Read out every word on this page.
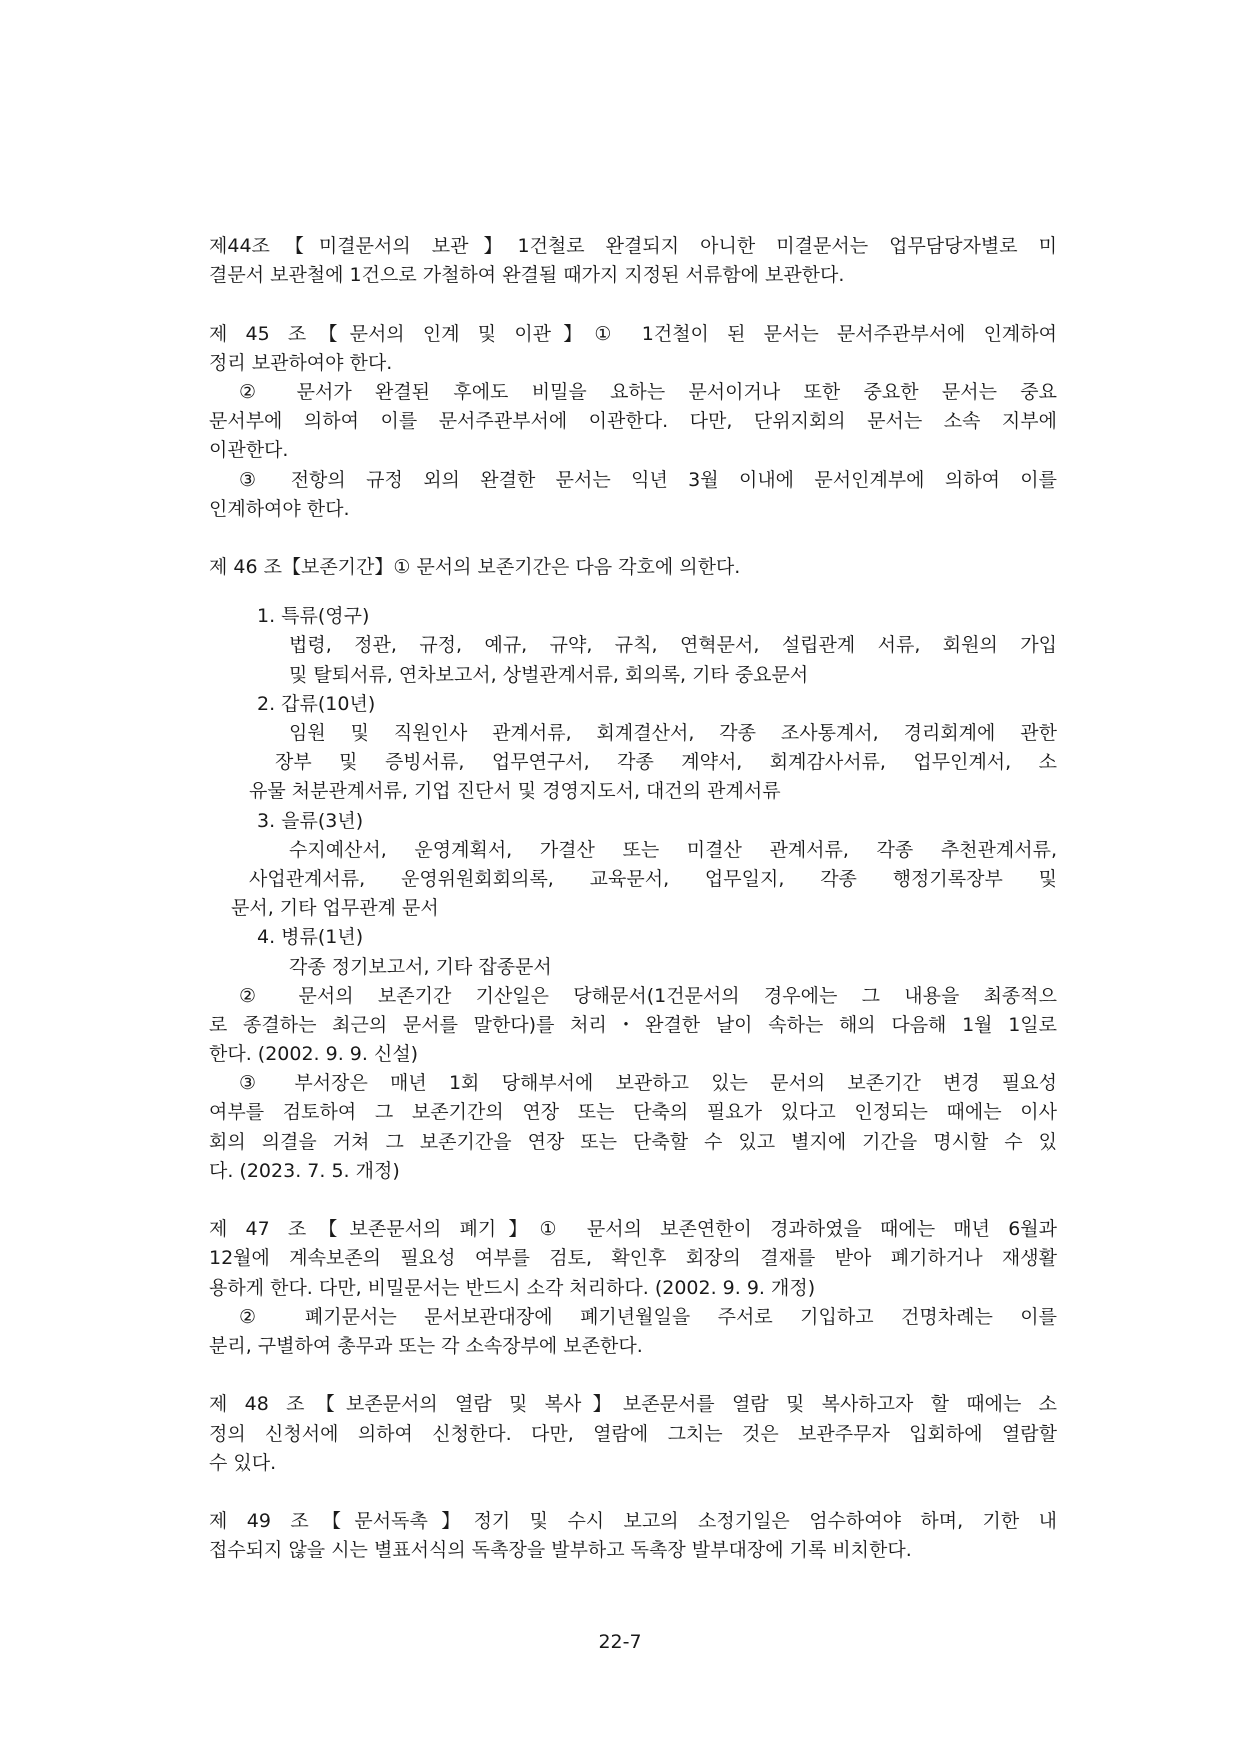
제44조【미결문서의 보관】1건철로 완결되지 아니한 미결문서는 업무담당자별로 미
결문서 보관철에 1건으로 가철하여 완결될 때가지 지정된 서류함에 보관한다.
제 45 조【문서의 인계 및 이관】① 1건철이 된 문서는 문서주관부서에 인계하여
정리 보관하여야 한다.
② 문서가 완결된 후에도 비밀을 요하는 문서이거나 또한 중요한 문서는 중요
문서부에 의하여 이를 문서주관부서에 이관한다. 다만, 단위지회의 문서는 소속 지부에
이관한다.
③ 전항의 규정 외의 완결한 문서는 익년 3월 이내에 문서인계부에 의하여 이를
인계하여야 한다.
제 46 조【보존기간】① 문서의 보존기간은 다음 각호에 의한다.
1. 특류(영구)
법령, 정관, 규정, 예규, 규약, 규칙, 연혁문서, 설립관계 서류, 회원의 가입
및 탈퇴서류, 연차보고서, 상벌관계서류, 회의록, 기타 중요문서
2. 갑류(10년)
임원 및 직원인사 관계서류, 회계결산서, 각종 조사통계서, 경리회계에 관한
장부 및 증빙서류, 업무연구서, 각종 계약서, 회계감사서류, 업무인계서, 소
유물 처분관계서류, 기업 진단서 및 경영지도서, 대건의 관계서류
3. 을류(3년)
수지예산서, 운영계획서, 가결산 또는 미결산 관계서류, 각종 추천관계서류,
사업관계서류, 운영위원회회의록, 교육문서, 업무일지, 각종 행정기록장부 및
문서, 기타 업무관계 문서
4. 병류(1년)
각종 정기보고서, 기타 잡종문서
② 문서의 보존기간 기산일은 당해문서(1건문서의 경우에는 그 내용을 최종적으
로 종결하는 최근의 문서를 말한다)를 처리・완결한 날이 속하는 해의 다음해 1월 1일로
한다. (2002. 9. 9. 신설)
③ 부서장은 매년 1회 당해부서에 보관하고 있는 문서의 보존기간 변경 필요성
여부를 검토하여 그 보존기간의 연장 또는 단축의 필요가 있다고 인정되는 때에는 이사
회의 의결을 거쳐 그 보존기간을 연장 또는 단축할 수 있고 별지에 기간을 명시할 수 있
다. (2023. 7. 5. 개정)
제 47 조【보존문서의 폐기】① 문서의 보존연한이 경과하였을 때에는 매년 6월과
12월에 계속보존의 필요성 여부를 검토, 확인후 회장의 결재를 받아 폐기하거나 재생활
용하게 한다. 다만, 비밀문서는 반드시 소각 처리하다. (2002. 9. 9. 개정)
② 폐기문서는 문서보관대장에 폐기년월일을 주서로 기입하고 건명차례는 이를
분리, 구별하여 총무과 또는 각 소속장부에 보존한다.
제 48 조【보존문서의 열람 및 복사】보존문서를 열람 및 복사하고자 할 때에는 소
정의 신청서에 의하여 신청한다. 다만, 열람에 그치는 것은 보관주무자 입회하에 열람할
수 있다.
제 49 조【문서독촉】정기 및 수시 보고의 소정기일은 엄수하여야 하며, 기한 내
접수되지 않을 시는 별표서식의 독촉장을 발부하고 독촉장 발부대장에 기록 비치한다.
22-7
